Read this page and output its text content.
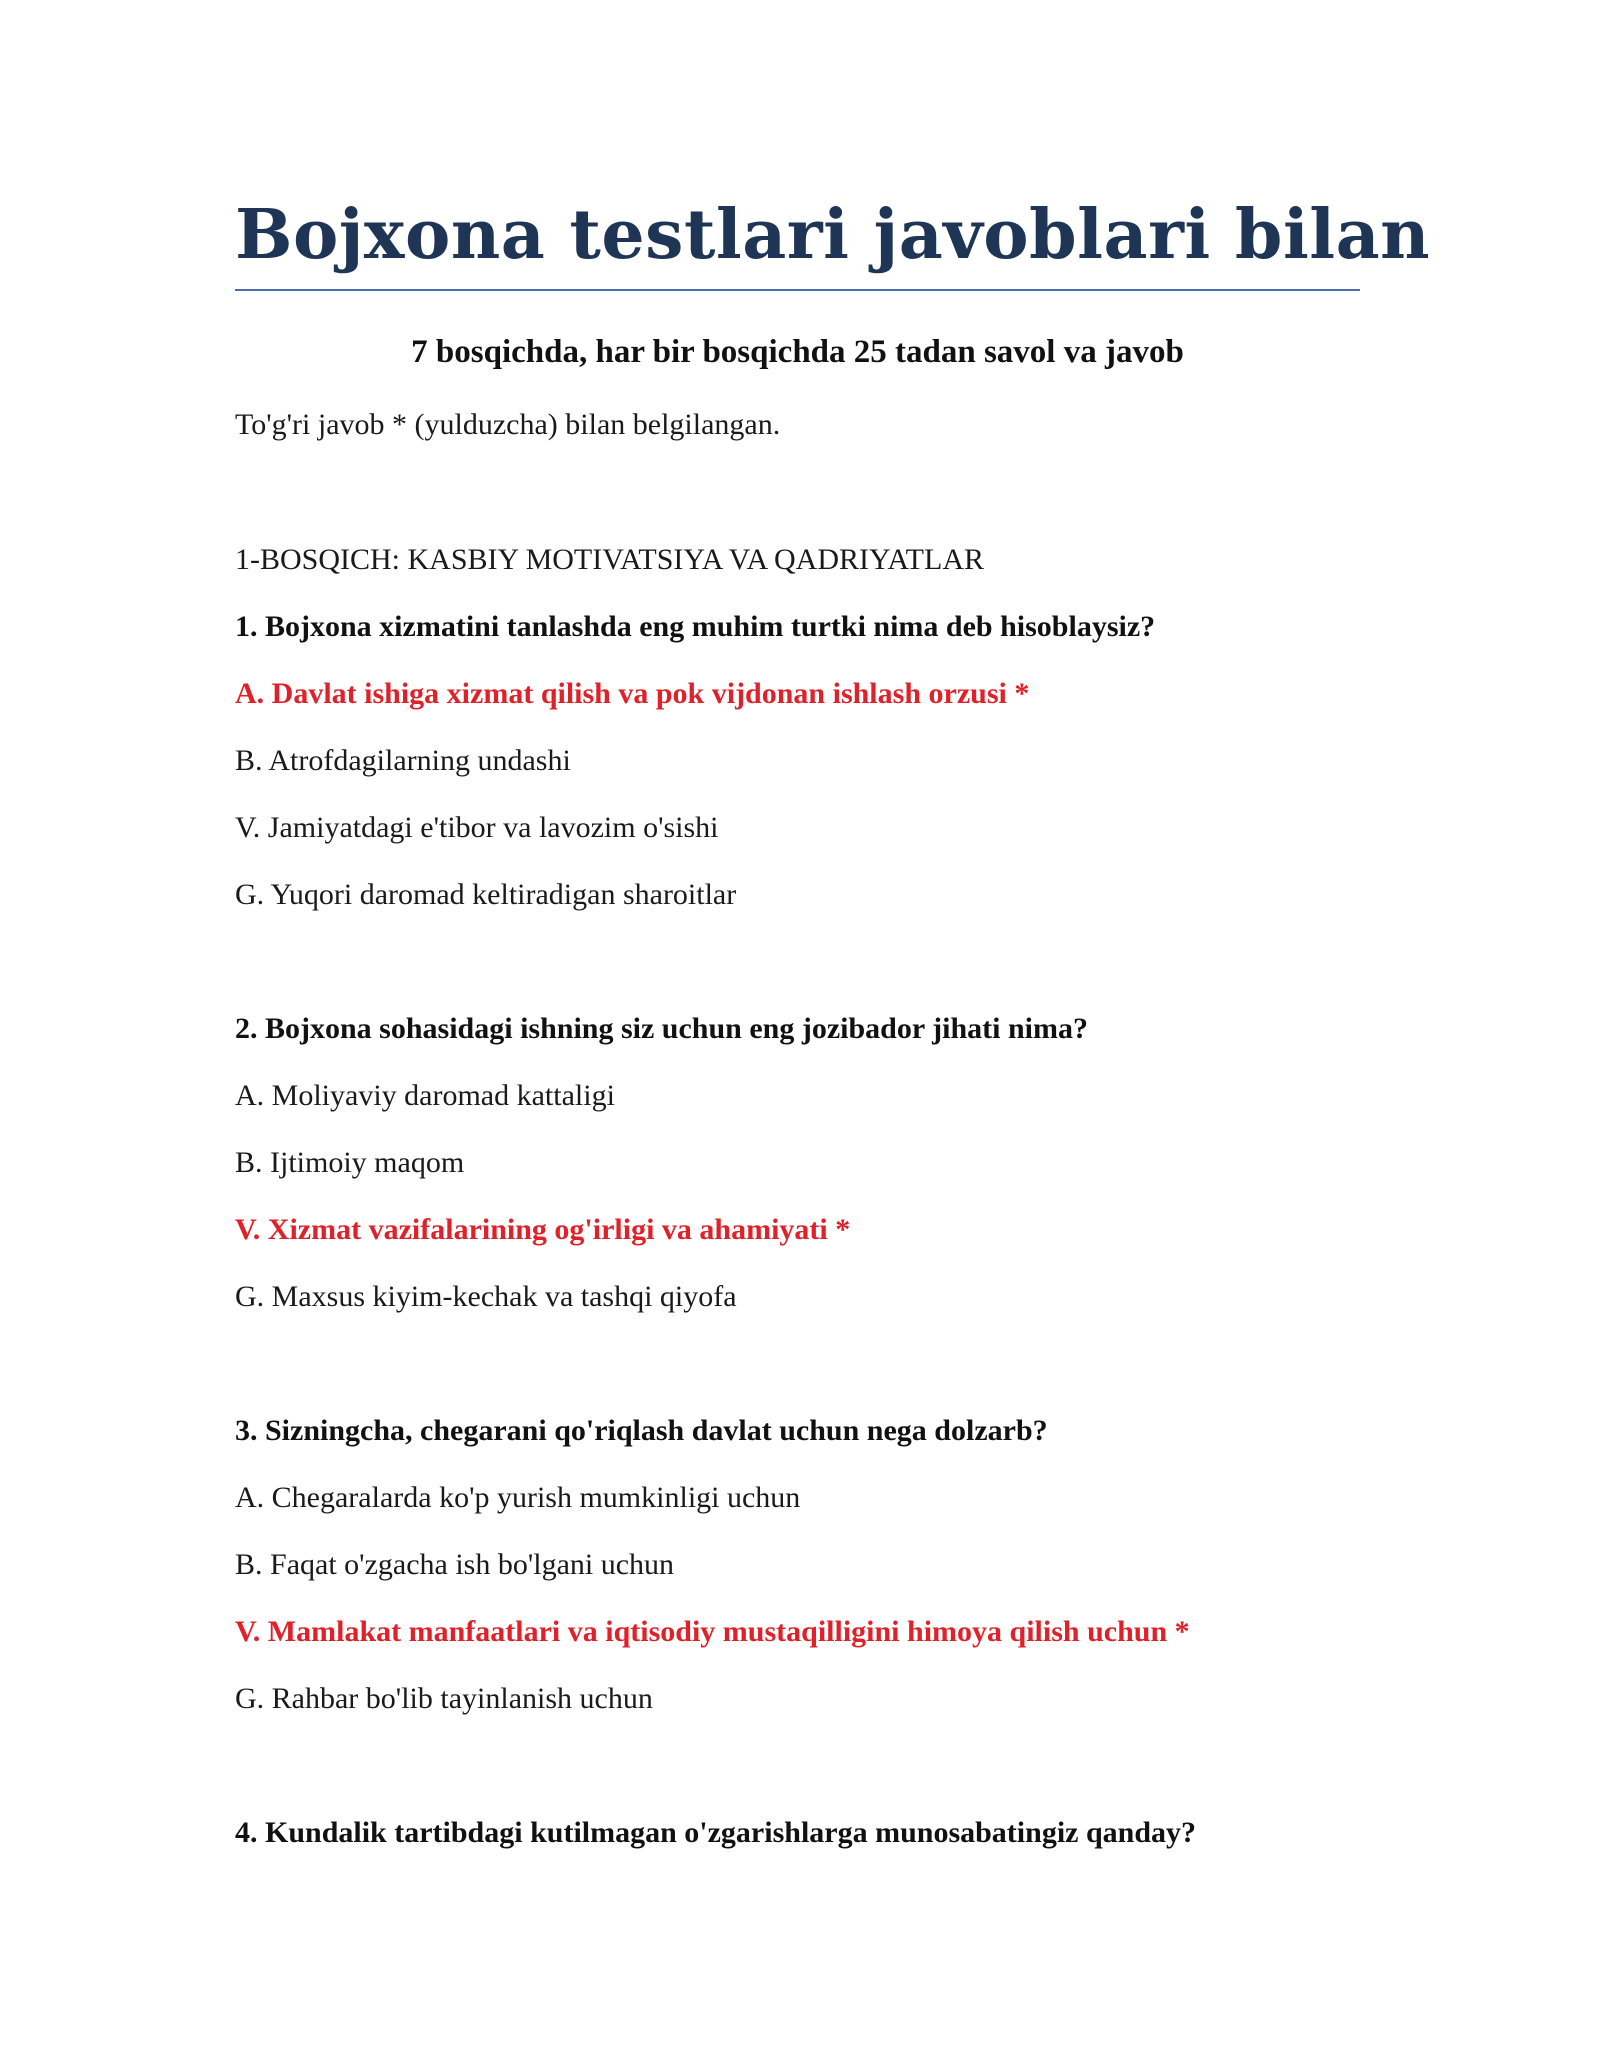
Bojxona testlari javoblari bilan
7 bosqichda, har bir bosqichda 25 tadan savol va javob
To'g'ri javob * (yulduzcha) bilan belgilangan.
1-BOSQICH: KASBIY MOTIVATSIYA VA QADRIYATLAR
1. Bojxona xizmatini tanlashda eng muhim turtki nima deb hisoblaysiz?
A. Davlat ishiga xizmat qilish va pok vijdonan ishlash orzusi *
B. Atrofdagilarning undashi
V. Jamiyatdagi e'tibor va lavozim o'sishi
G. Yuqori daromad keltiradigan sharoitlar
2. Bojxona sohasidagi ishning siz uchun eng jozibador jihati nima?
A. Moliyaviy daromad kattaligi
B. Ijtimoiy maqom
V. Xizmat vazifalarining og'irligi va ahamiyati *
G. Maxsus kiyim-kechak va tashqi qiyofa
3. Sizningcha, chegarani qo'riqlash davlat uchun nega dolzarb?
A. Chegaralarda ko'p yurish mumkinligi uchun
B. Faqat o'zgacha ish bo'lgani uchun
V. Mamlakat manfaatlari va iqtisodiy mustaqilligini himoya qilish uchun *
G. Rahbar bo'lib tayinlanish uchun
4. Kundalik tartibdagi kutilmagan o'zgarishlarga munosabatingiz qanday?
